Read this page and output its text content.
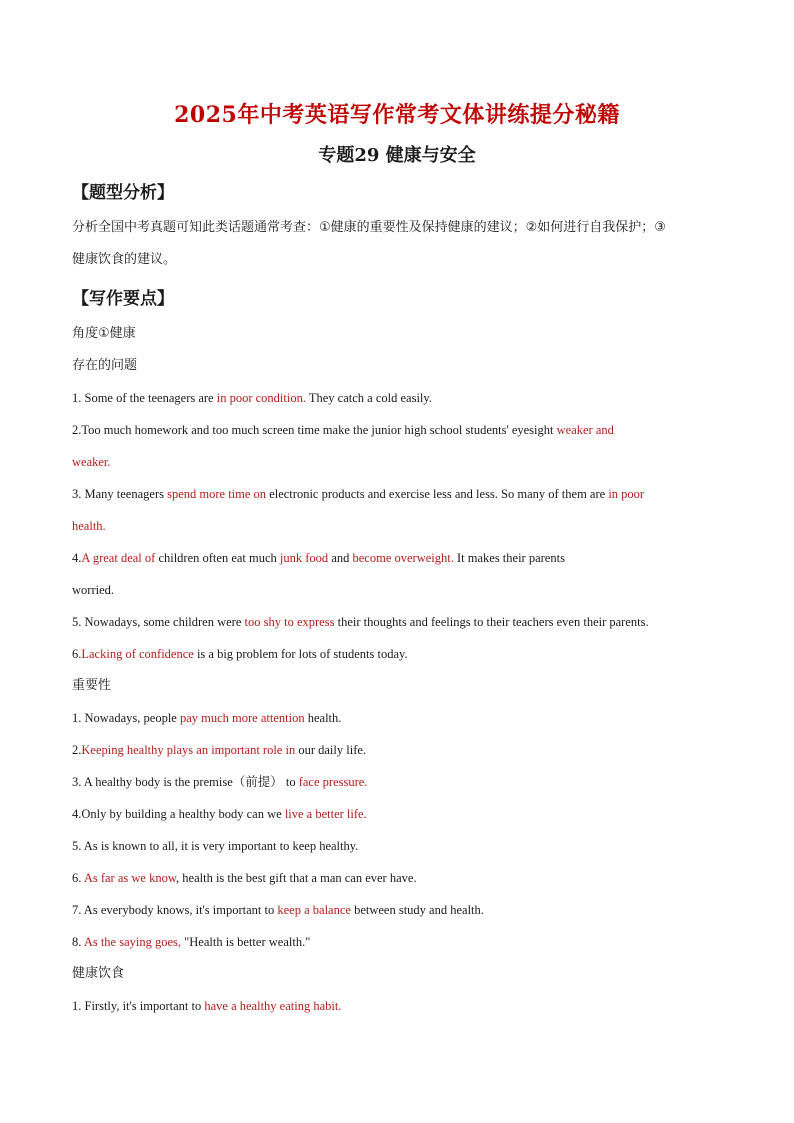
2025年中考英语写作常考文体讲练提分秘籍
专题29 健康与安全
【题型分析】

分析全国中考真题可知此类话题通常考查：①健康的重要性及保持健康的建议；②如何进行自我保护；③

健康饮食的建议。

【写作要点】

角度①健康

存在的问题

1. Some of the teenagers are in poor condition. They catch a cold easily.

2.Too much homework and too much screen time make the junior high school students' eyesight weaker and

weaker.

3. Many teenagers spend more time on electronic products and exercise less and less. So many of them are in poor

health.

4.A great deal of children often eat much junk food and become overweight. It makes their parents

worried.

5. Nowadays, some children were too shy to express their thoughts and feelings to their teachers even their parents.

6.Lacking of confidence is a big problem for lots of students today.

重要性

1. Nowadays, people pay much more attention health.

2.Keeping healthy plays an important role in our daily life.

3. A healthy body is the premise（前提） to face pressure.

4.Only by building a healthy body can we live a better life.

5. As is known to all, it is very important to keep healthy.

6. As far as we know, health is the best gift that a man can ever have.

7. As everybody knows, it's important to keep a balance between study and health.

8. As the saying goes, "Health is better wealth."

健康饮食

1. Firstly, it's important to have a healthy eating habit.
